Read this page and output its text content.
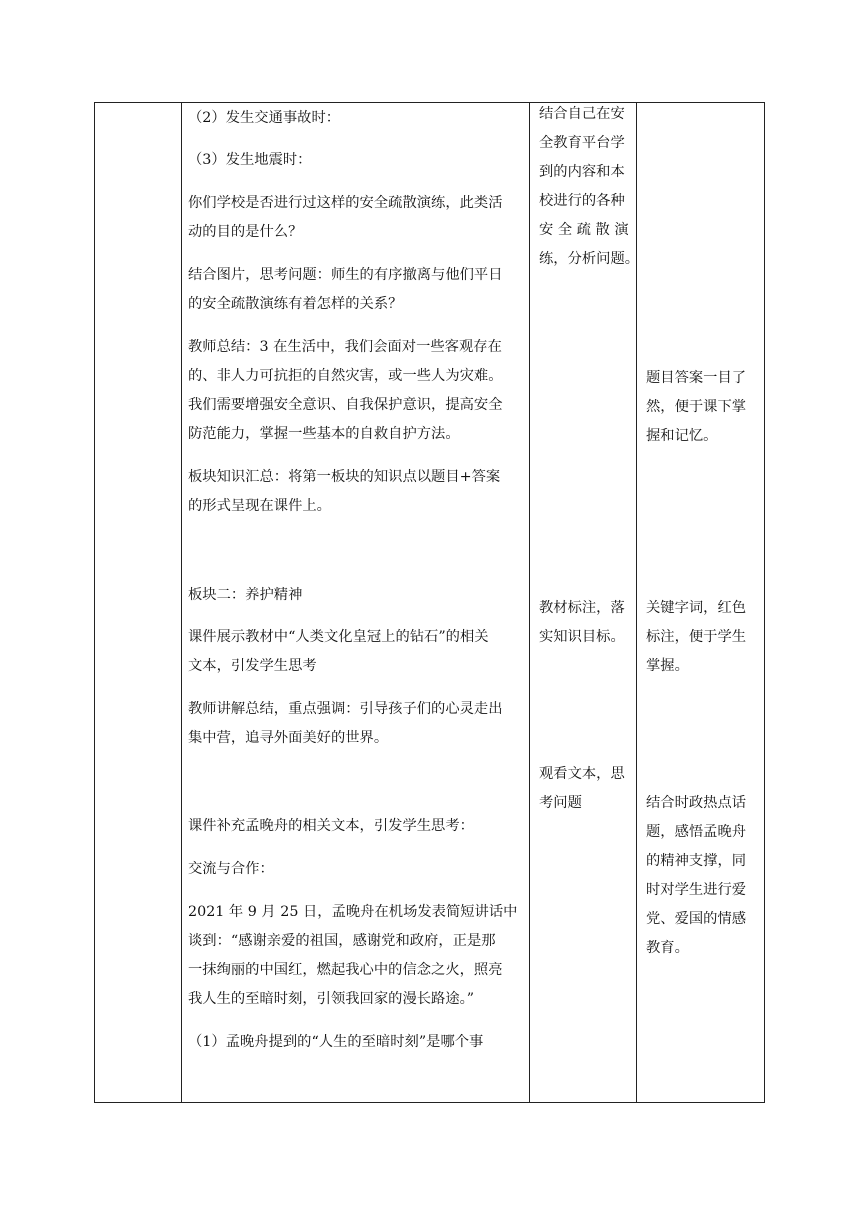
（2）发生交通事故时：

（3）发生地震时：

你们学校是否进行过这样的安全疏散演练，此类活

动的目的是什么？

结合图片，思考问题：师生的有序撤离与他们平日

的安全疏散演练有着怎样的关系？

教师总结：3 在生活中，我们会面对一些客观存在

的、非人力可抗拒的自然灾害，或一些人为灾难。

我们需要增强安全意识、自我保护意识，提高安全

防范能力，掌握一些基本的自救自护方法。

板块知识汇总：将第一板块的知识点以题目+答案

的形式呈现在课件上。

板块二：养护精神

课件展示教材中“人类文化皇冠上的钻石”的相关

文本，引发学生思考

教师讲解总结，重点强调：引导孩子们的心灵走出

集中营，追寻外面美好的世界。

课件补充孟晚舟的相关文本，引发学生思考：

交流与合作：

2021 年 9 月 25 日，孟晚舟在机场发表简短讲话中

谈到：“感谢亲爱的祖国，感谢党和政府，正是那

一抹绚丽的中国红，燃起我心中的信念之火，照亮

我人生的至暗时刻，引领我回家的漫长路途。”

（1）孟晚舟提到的“人生的至暗时刻”是哪个事

结合自己在安

全教育平台学

到的内容和本

校进行的各种

安 全 疏 散 演

练，分析问题。

教材标注，落

实知识目标。

观看文本，思

考问题

题目答案一目了

然，便于课下掌

握和记忆。

关键字词，红色

标注，便于学生

掌握。

结合时政热点话

题，感悟孟晚舟

的精神支撑，同

时对学生进行爱

党、爱国的情感

教育。
